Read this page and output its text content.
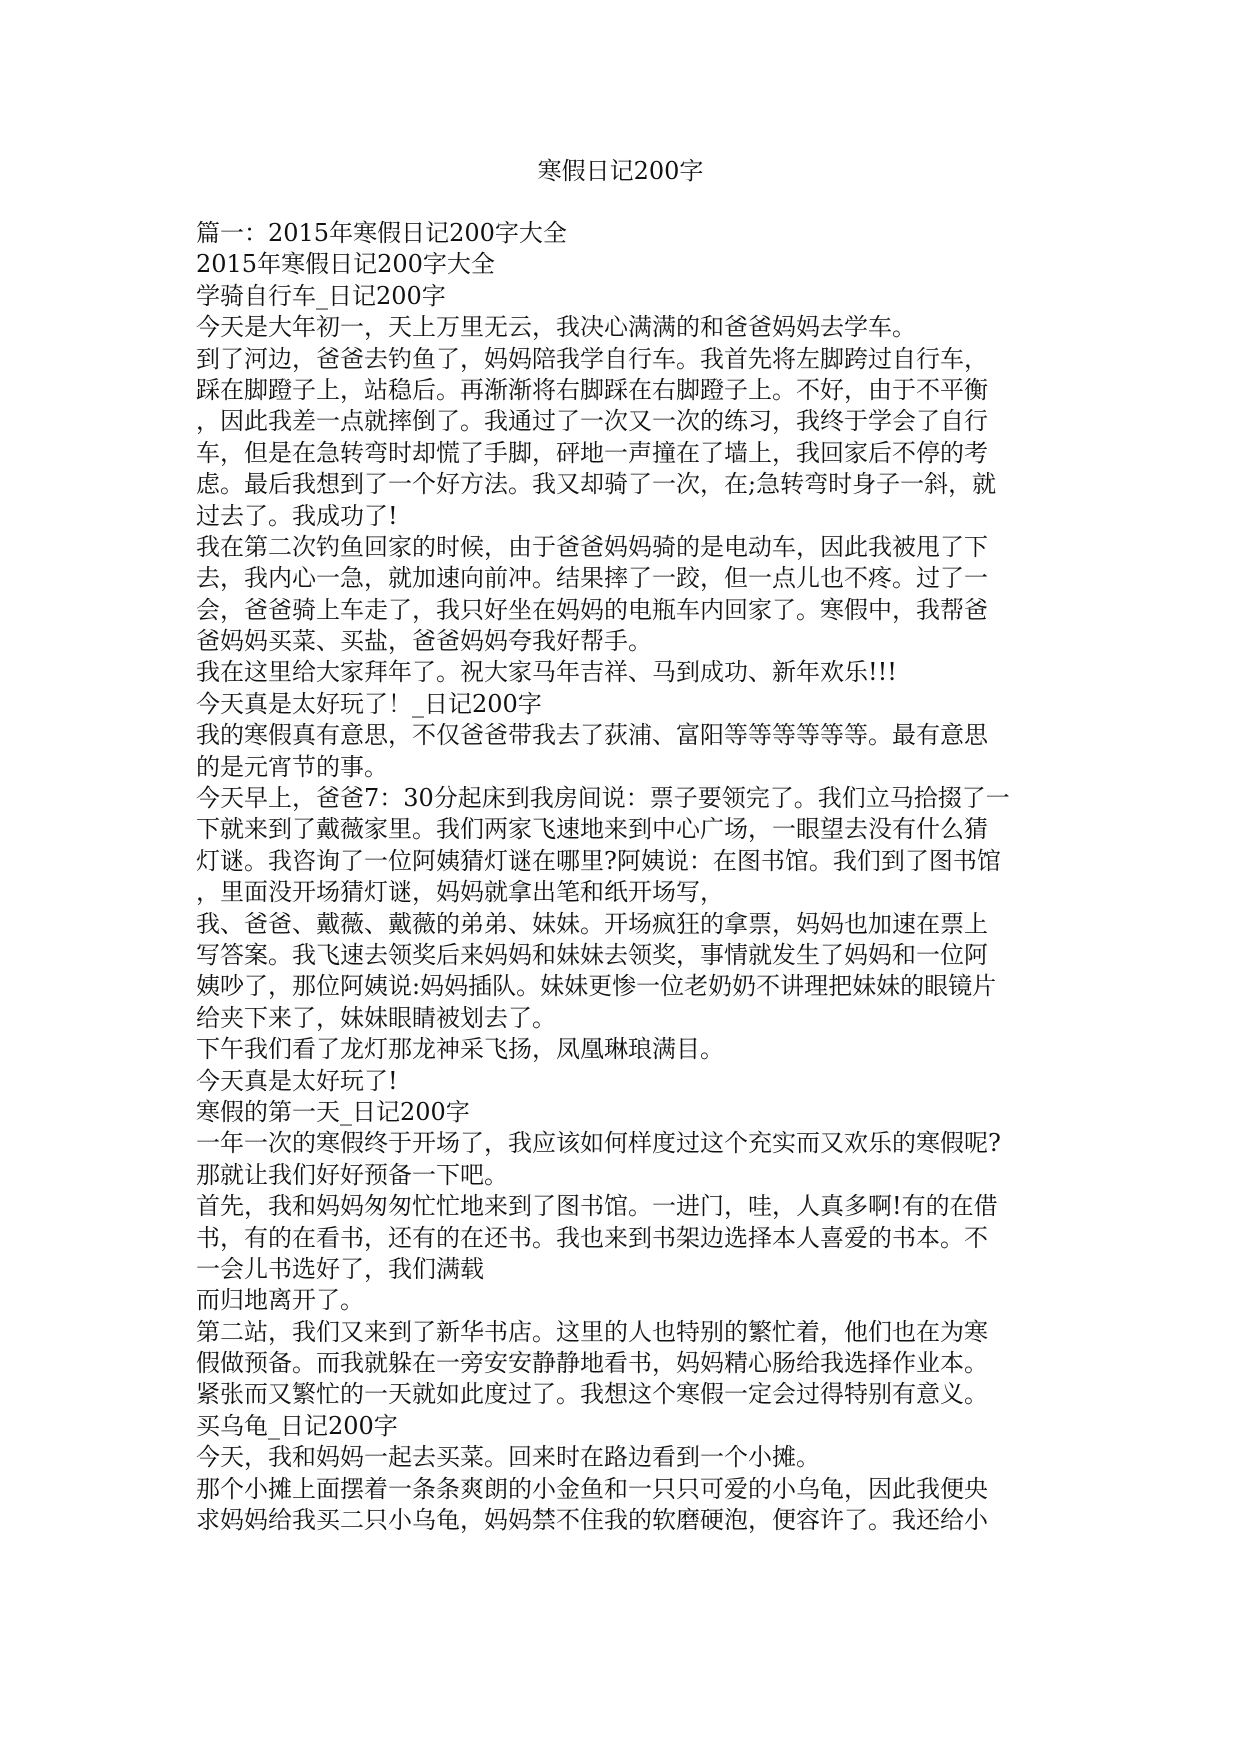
寒假日记200字
篇一：2015年寒假日记200字大全
2015年寒假日记200字大全
学骑自行车_日记200字
今天是大年初一，天上万里无云，我决心满满的和爸爸妈妈去学车。
到了河边，爸爸去钓鱼了，妈妈陪我学自行车。我首先将左脚跨过自行车，
踩在脚蹬子上，站稳后。再渐渐将右脚踩在右脚蹬子上。不好，由于不平衡
，因此我差一点就摔倒了。我通过了一次又一次的练习，我终于学会了自行
车，但是在急转弯时却慌了手脚，砰地一声撞在了墙上，我回家后不停的考
虑。最后我想到了一个好方法。我又却骑了一次，在;急转弯时身子一斜，就
过去了。我成功了!
我在第二次钓鱼回家的时候，由于爸爸妈妈骑的是电动车，因此我被甩了下
去，我内心一急，就加速向前冲。结果摔了一跤，但一点儿也不疼。过了一
会，爸爸骑上车走了，我只好坐在妈妈的电瓶车内回家了。寒假中，我帮爸
爸妈妈买菜、买盐，爸爸妈妈夸我好帮手。
我在这里给大家拜年了。祝大家马年吉祥、马到成功、新年欢乐!!!
今天真是太好玩了！_日记200字
我的寒假真有意思，不仅爸爸带我去了荻浦、富阳等等等等等等。最有意思
的是元宵节的事。
今天早上，爸爸7：30分起床到我房间说：票子要领完了。我们立马拾掇了一
下就来到了戴薇家里。我们两家飞速地来到中心广场，一眼望去没有什么猜
灯谜。我咨询了一位阿姨猜灯谜在哪里?阿姨说：在图书馆。我们到了图书馆
，里面没开场猜灯谜，妈妈就拿出笔和纸开场写，
我、爸爸、戴薇、戴薇的弟弟、妹妹。开场疯狂的拿票，妈妈也加速在票上
写答案。我飞速去领奖后来妈妈和妹妹去领奖，事情就发生了妈妈和一位阿
姨吵了，那位阿姨说:妈妈插队。妹妹更惨一位老奶奶不讲理把妹妹的眼镜片
给夹下来了，妹妹眼睛被划去了。
下午我们看了龙灯那龙神采飞扬，凤凰琳琅满目。
今天真是太好玩了!
寒假的第一天_日记200字
一年一次的寒假终于开场了，我应该如何样度过这个充实而又欢乐的寒假呢?
那就让我们好好预备一下吧。
首先，我和妈妈匆匆忙忙地来到了图书馆。一进门，哇，人真多啊!有的在借
书，有的在看书，还有的在还书。我也来到书架边选择本人喜爱的书本。不
一会儿书选好了，我们满载
而归地离开了。
第二站，我们又来到了新华书店。这里的人也特别的繁忙着，他们也在为寒
假做预备。而我就躲在一旁安安静静地看书，妈妈精心肠给我选择作业本。
紧张而又繁忙的一天就如此度过了。我想这个寒假一定会过得特别有意义。
买乌龟_日记200字
今天，我和妈妈一起去买菜。回来时在路边看到一个小摊。
那个小摊上面摆着一条条爽朗的小金鱼和一只只可爱的小乌龟，因此我便央
求妈妈给我买二只小乌龟，妈妈禁不住我的软磨硬泡，便容许了。我还给小
